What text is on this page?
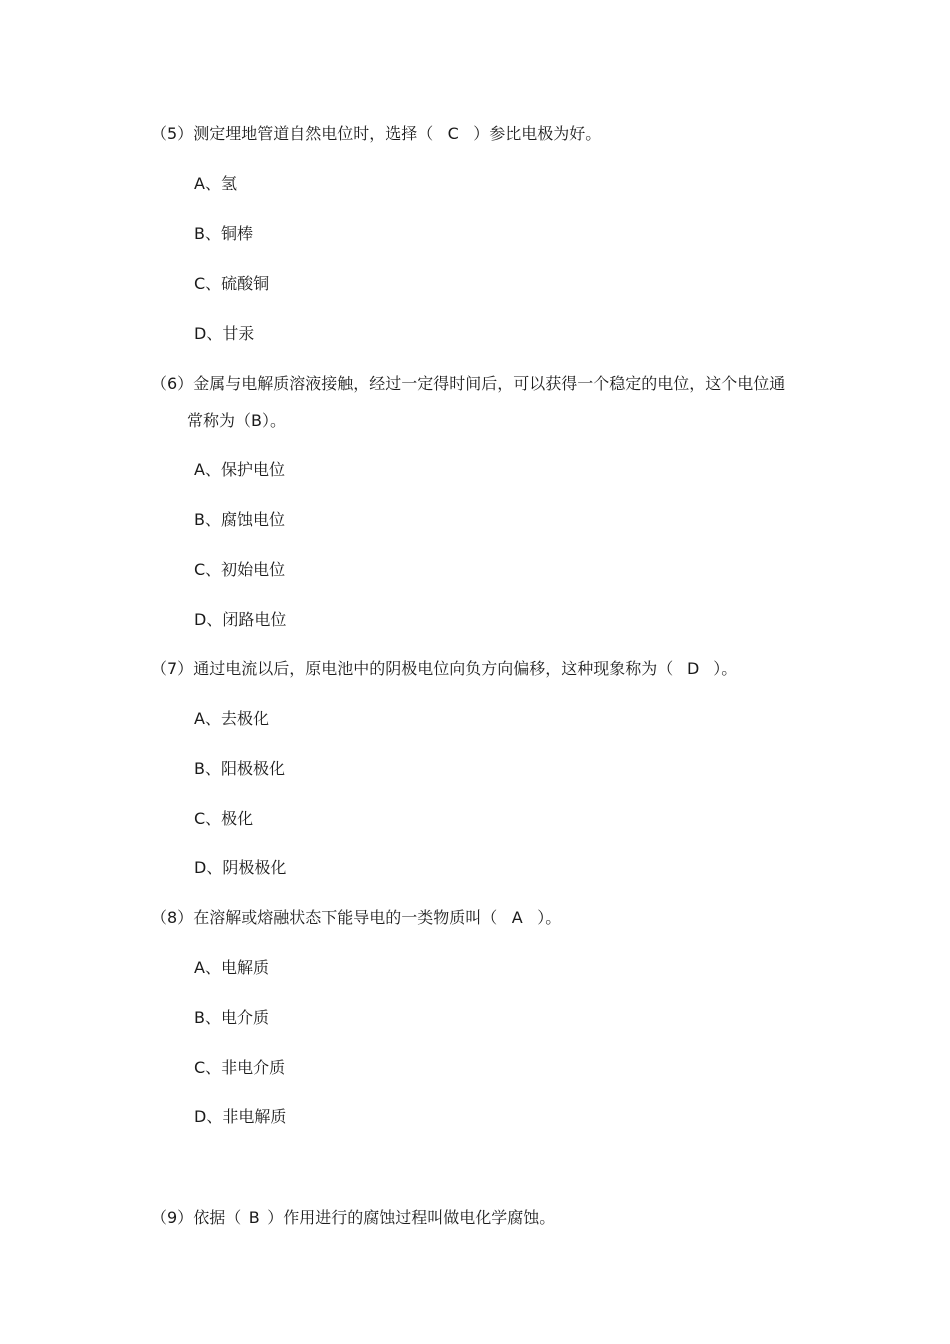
（5）测定埋地管道自然电位时，选择（ C ）参比电极为好。
A、氢
B、铜棒
C、硫酸铜
D、甘汞
（6）金属与电解质溶液接触，经过一定得时间后，可以获得一个稳定的电位，这个电位通
常称为（B）。
A、保护电位
B、腐蚀电位
C、初始电位
D、闭路电位
（7）通过电流以后，原电池中的阴极电位向负方向偏移，这种现象称为（ D ）。
A、去极化
B、阳极极化
C、极化
D、阴极极化
（8）在溶解或熔融状态下能导电的一类物质叫（ A ）。
A、电解质
B、电介质
C、非电介质
D、非电解质
（9）依据（ B ）作用进行的腐蚀过程叫做电化学腐蚀。
